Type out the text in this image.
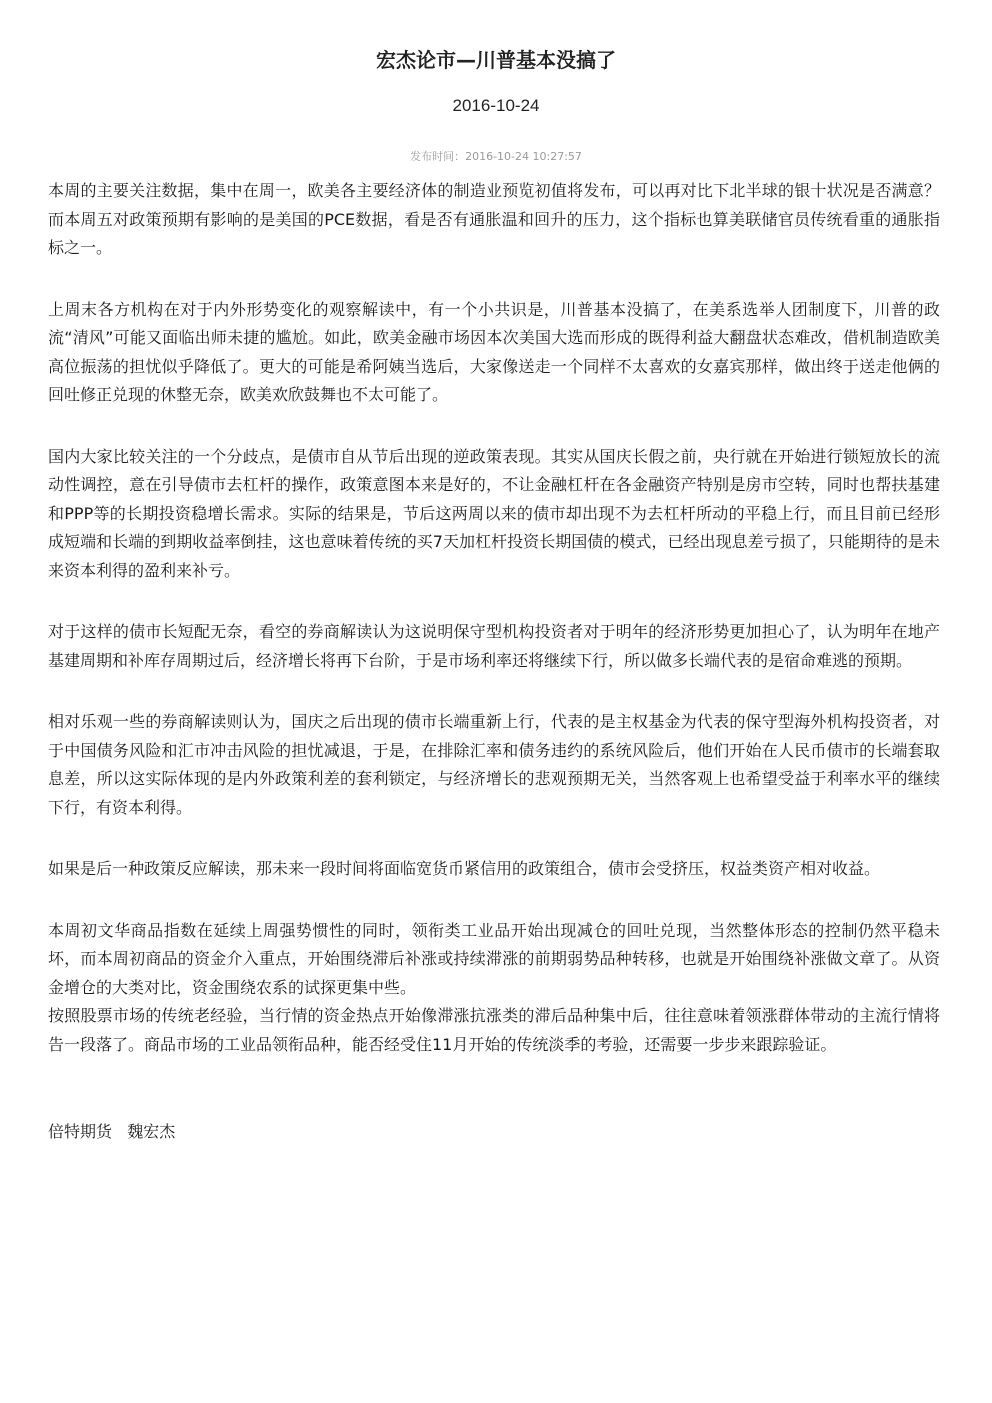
宏杰论市—川普基本没搞了
2016-10-24
发布时间：2016-10-24 10:27:57

本周的主要关注数据，集中在周一，欧美各主要经济体的制造业预览初值将发布，可以再对比下北半球的银十状况是否满意？而本周五对政策预期有影响的是美国的PCE数据，看是否有通胀温和回升的压力，这个指标也算美联储官员传统看重的通胀指标之一。

上周末各方机构在对于内外形势变化的观察解读中，有一个小共识是，川普基本没搞了，在美系选举人团制度下，川普的政流“清风”可能又面临出师未捷的尴尬。如此，欧美金融市场因本次美国大选而形成的既得利益大翻盘状态难改，借机制造欧美高位振荡的担忧似乎降低了。更大的可能是希阿姨当选后，大家像送走一个同样不太喜欢的女嘉宾那样，做出终于送走他俩的回吐修正兑现的休整无奈，欧美欢欣鼓舞也不太可能了。

国内大家比较关注的一个分歧点，是债市自从节后出现的逆政策表现。其实从国庆长假之前，央行就在开始进行锁短放长的流动性调控，意在引导债市去杠杆的操作，政策意图本来是好的，不让金融杠杆在各金融资产特别是房市空转，同时也帮扶基建和PPP等的长期投资稳增长需求。实际的结果是，节后这两周以来的债市却出现不为去杠杆所动的平稳上行，而且目前已经形成短端和长端的到期收益率倒挂，这也意味着传统的买7天加杠杆投资长期国债的模式，已经出现息差亏损了，只能期待的是未来资本利得的盈利来补亏。

对于这样的债市长短配无奈，看空的券商解读认为这说明保守型机构投资者对于明年的经济形势更加担心了，认为明年在地产基建周期和补库存周期过后，经济增长将再下台阶，于是市场利率还将继续下行，所以做多长端代表的是宿命难逃的预期。

相对乐观一些的券商解读则认为，国庆之后出现的债市长端重新上行，代表的是主权基金为代表的保守型海外机构投资者，对于中国债务风险和汇市冲击风险的担忧减退，于是，在排除汇率和债务违约的系统风险后，他们开始在人民币债市的长端套取息差，所以这实际体现的是内外政策利差的套利锁定，与经济增长的悲观预期无关，当然客观上也希望受益于利率水平的继续下行，有资本利得。

如果是后一种政策反应解读，那未来一段时间将面临宽货币紧信用的政策组合，债市会受挤压，权益类资产相对收益。

本周初文华商品指数在延续上周强势惯性的同时，领衔类工业品开始出现减仓的回吐兑现，当然整体形态的控制仍然平稳未坏，而本周初商品的资金介入重点，开始围绕滞后补涨或持续滞涨的前期弱势品种转移，也就是开始围绕补涨做文章了。从资金增仓的大类对比，资金围绕农系的试探更集中些。

按照股票市场的传统老经验，当行情的资金热点开始像滞涨抗涨类的滞后品种集中后，往往意味着领涨群体带动的主流行情将告一段落了。商品市场的工业品领衔品种，能否经受住11月开始的传统淡季的考验，还需要一步步来跟踪验证。

倍特期货   魏宏杰
